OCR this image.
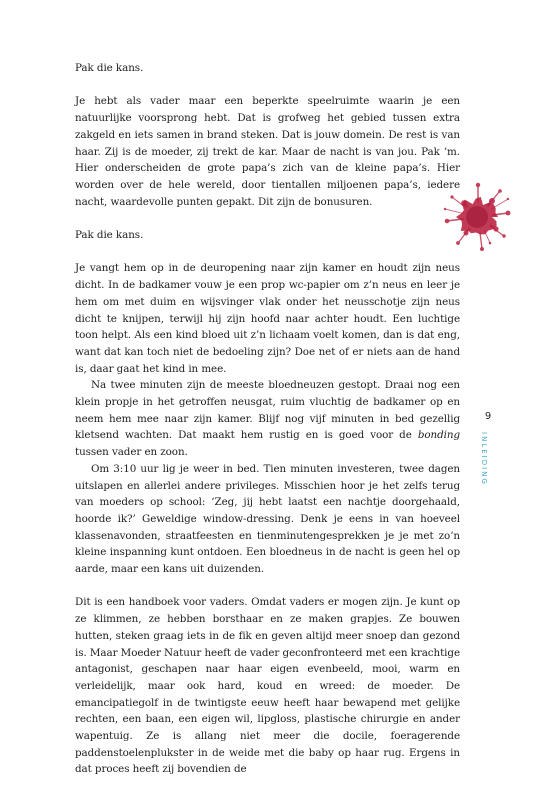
Pak die kans.

Je hebt als vader maar een beperkte speelruimte waarin je een natuurlijke voorsprong hebt. Dat is grofweg het gebied tussen extra zakgeld en iets samen in brand steken. Dat is jouw domein. De rest is van haar. Zij is de moeder, zij trekt de kar. Maar de nacht is van jou. Pak ’m. Hier onderscheiden de grote papa’s zich van de kleine papa’s. Hier worden over de hele wereld, door tientallen miljoenen papa’s, iedere nacht, waardevolle punten gepakt. Dit zijn de bonusuren.

Pak die kans.

Je vangt hem op in de deuropening naar zijn kamer en houdt zijn neus dicht. In de badkamer vouw je een prop wc-papier om z’n neus en leer je hem om met duim en wijsvinger vlak onder het neusschotje zijn neus dicht te knijpen, terwijl hij zijn hoofd naar achter houdt. Een luchtige toon helpt. Als een kind bloed uit z’n lichaam voelt komen, dan is dat eng, want dat kan toch niet de bedoeling zijn? Doe net of er niets aan de hand is, daar gaat het kind in mee.

Na twee minuten zijn de meeste bloedneuzen gestopt. Draai nog een klein propje in het getroffen neusgat, ruim vluchtig de badkamer op en neem hem mee naar zijn kamer. Blijf nog vijf minuten in bed gezellig kletsend wachten. Dat maakt hem rustig en is goed voor de bonding tussen vader en zoon.

Om 3:10 uur lig je weer in bed. Tien minuten investeren, twee dagen uitslapen en allerlei andere privileges. Misschien hoor je het zelfs terug van moeders op school: ‘Zeg, jij hebt laatst een nachtje doorgehaald, hoorde ik?’ Geweldige window-dressing. Denk je eens in van hoeveel klassenavonden, straatfeesten en tienminutengesprekken je je met zo’n kleine inspanning kunt ontdoen. Een bloedneus in de nacht is geen hel op aarde, maar een kans uit duizenden.

Dit is een handboek voor vaders. Omdat vaders er mogen zijn. Je kunt op ze klimmen, ze hebben borsthaar en ze maken grapjes. Ze bouwen hutten, steken graag iets in de fik en geven altijd meer snoep dan gezond is. Maar Moeder Natuur heeft de vader geconfronteerd met een krachtige antagonist, geschapen naar haar eigen evenbeeld, mooi, warm en verleidelijk, maar ook hard, koud en wreed: de moeder. De emancipatiegolf in de twintigste eeuw heeft haar bewapend met gelijke rechten, een baan, een eigen wil, lipgloss, plastische chirurgie en ander wapentuig. Ze is allang niet meer die docile, foeragerende paddenstoelenplukster in de weide met die baby op haar rug. Ergens in dat proces heeft zij bovendien de

9
INLEIDING
